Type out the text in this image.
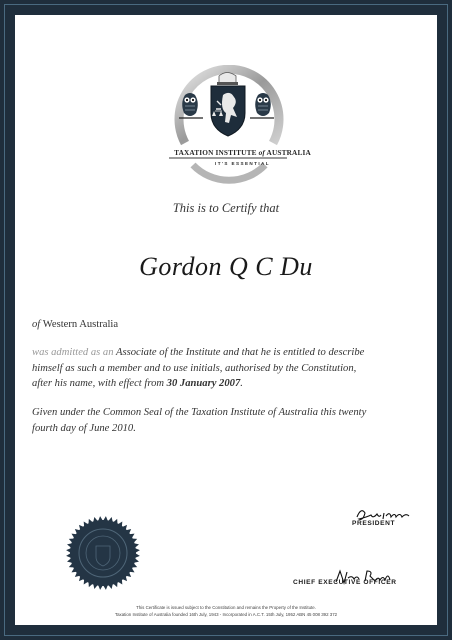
TAXATION INSTITUTE of AUSTRALIA
IT'S ESSENTIAL
This is to Certify that
Gordon Q C Du
of Western Australia
was admitted as an Associate of the Institute and that he is entitled to describe himself as such a member and to use initials, authorised by the Constitution, after his name, with effect from 30 January 2007.
Given under the Common Seal of the Taxation Institute of Australia this twenty fourth day of June 2010.
PRESIDENT
CHIEF EXECUTIVE OFFICER
This Certificate is issued subject to the Constitution and remains the Property of the Institute.
Taxation Institute of Australia founded 16th July, 1943 - Incorporated in A.C.T. 15th July, 1952 ABN 45 008 392 372
